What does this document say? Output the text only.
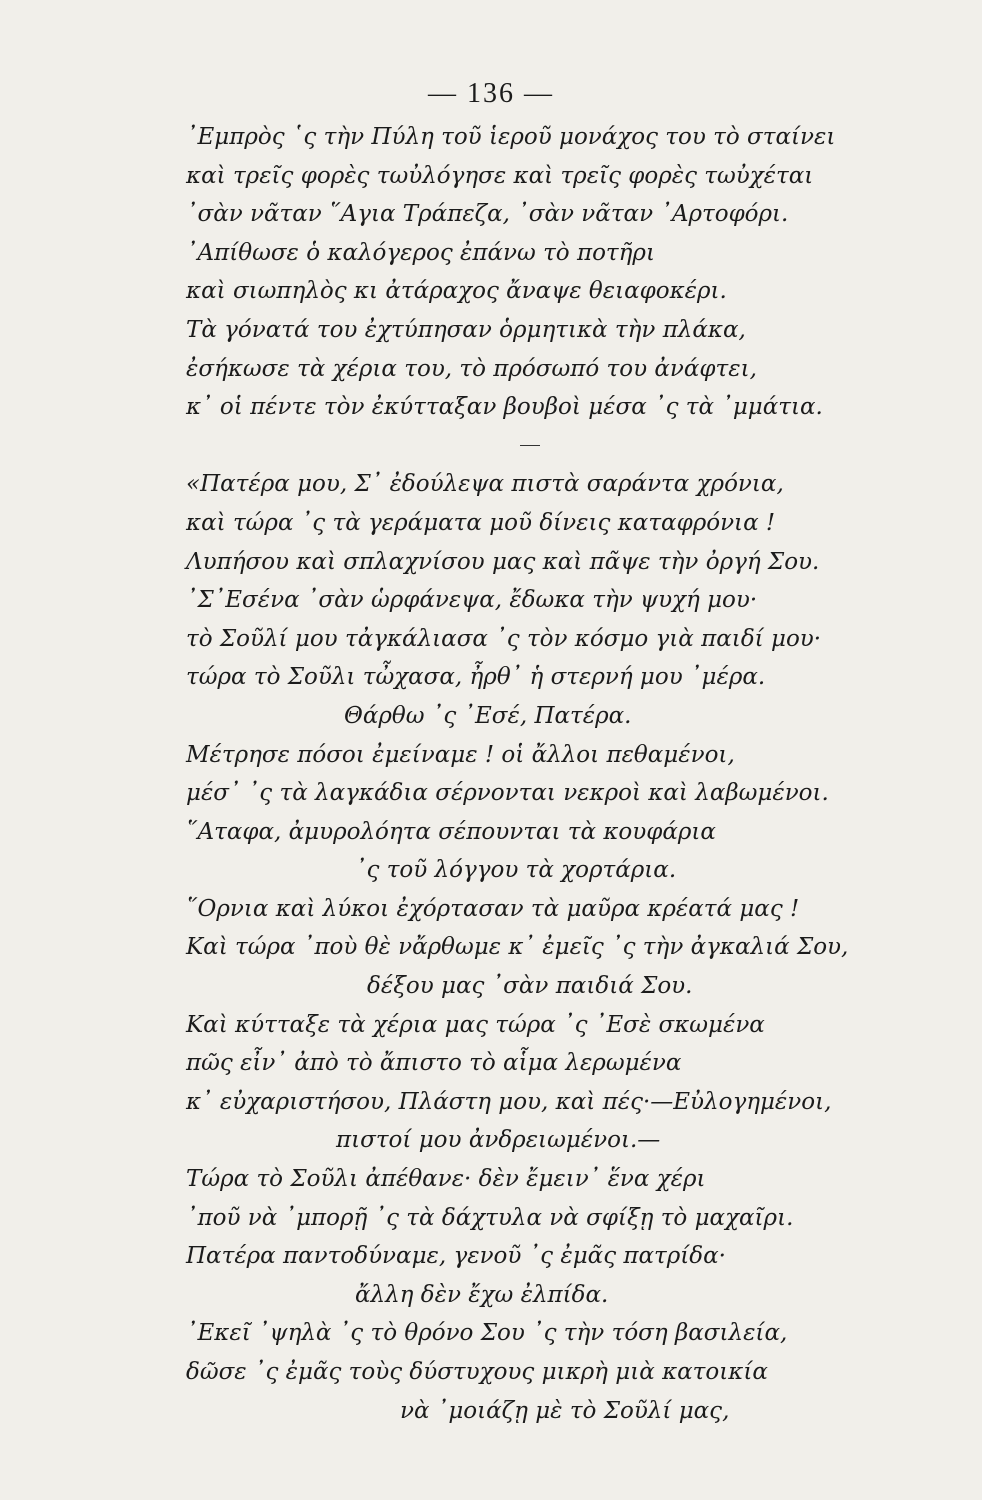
— 136 —
᾿Εμπρὸς ῾ς τὴν Πύλη τοῦ ἱεροῦ μονάχος του τὸ σταίνει
καὶ τρεῖς φορὲς τωὐλόγησε καὶ τρεῖς φορὲς τωὐχέται
᾿σὰν νᾶταν ῞Αγια Τράπεζα, ᾿σὰν νᾶταν ᾿Αρτοφόρι.
᾿Απίθωσε ὁ καλόγερος ἐπάνω τὸ ποτῆρι
καὶ σιωπηλὸς κι ἀτάραχος ἄναψε θειαφοκέρι.
Τὰ γόνατά του ἐχτύπησαν ὁρμητικὰ τὴν πλάκα,
ἐσήκωσε τὰ χέρια του, τὸ πρόσωπό του ἀνάφτει,
κ᾿ οἱ πέντε τὸν ἐκύτταξαν βουβοὶ μέσα ᾿ς τὰ ᾿μμάτια.
«Πατέρα μου, Σ᾿ ἐδούλεψα πιστὰ σαράντα χρόνια,
καὶ τώρα ᾿ς τὰ γεράματα μοῦ δίνεις καταφρόνια !
Λυπήσου καὶ σπλαχνίσου μας καὶ πᾶψε τὴν ὀργή Σου.
᾿Σ᾿Εσένα ᾿σὰν ὡρφάνεψα, ἔδωκα τὴν ψυχή μου·
τὸ Σοῦλί μου τἀγκάλιασα ᾿ς τὸν κόσμο γιὰ παιδί μου·
τώρα τὸ Σοῦλι τὦχασα, ἦρθ᾿ ἡ στερνή μου ᾿μέρα.
Θάρθω ᾿ς ᾿Εσέ, Πατέρα.
Μέτρησε πόσοι ἐμείναμε ! οἱ ἄλλοι πεθαμένοι,
μέσ᾿ ᾿ς τὰ λαγκάδια σέρνονται νεκροὶ καὶ λαβωμένοι.
῞Αταφα, ἀμυρολόητα σέπουνται τὰ κουφάρια
᾿ς τοῦ λόγγου τὰ χορτάρια.
῞Ορνια καὶ λύκοι ἐχόρτασαν τὰ μαῦρα κρέατά μας !
Καὶ τώρα ᾿ποὺ θὲ νἄρθωμε κ᾿ ἐμεῖς ᾿ς τὴν ἀγκαλιά Σου,
δέξου μας ᾿σὰν παιδιά Σου.
Καὶ κύτταξε τὰ χέρια μας τώρα ᾿ς ᾿Εσὲ σκωμένα
πῶς εἶν᾿ ἀπὸ τὸ ἄπιστο τὸ αἷμα λερωμένα
κ᾿ εὐχαριστήσου, Πλάστη μου, καὶ πές·—Εὐλογημένοι,
πιστοί μου ἀνδρειωμένοι.—
Τώρα τὸ Σοῦλι ἀπέθανε· δὲν ἔμειν᾿ ἕνα χέρι
᾿ποῦ νὰ ᾿μπορῇ ᾿ς τὰ δάχτυλα νὰ σφίξῃ τὸ μαχαῖρι.
Πατέρα παντοδύναμε, γενοῦ ᾿ς ἐμᾶς πατρίδα·
ἄλλη δὲν ἔχω ἐλπίδα.
᾿Εκεῖ ᾿ψηλὰ ᾿ς τὸ θρόνο Σου ᾿ς τὴν τόση βασιλεία,
δῶσε ᾿ς ἐμᾶς τοὺς δύστυχους μικρὴ μιὰ κατοικία
νὰ ᾿μοιάζῃ μὲ τὸ Σοῦλί μας,
